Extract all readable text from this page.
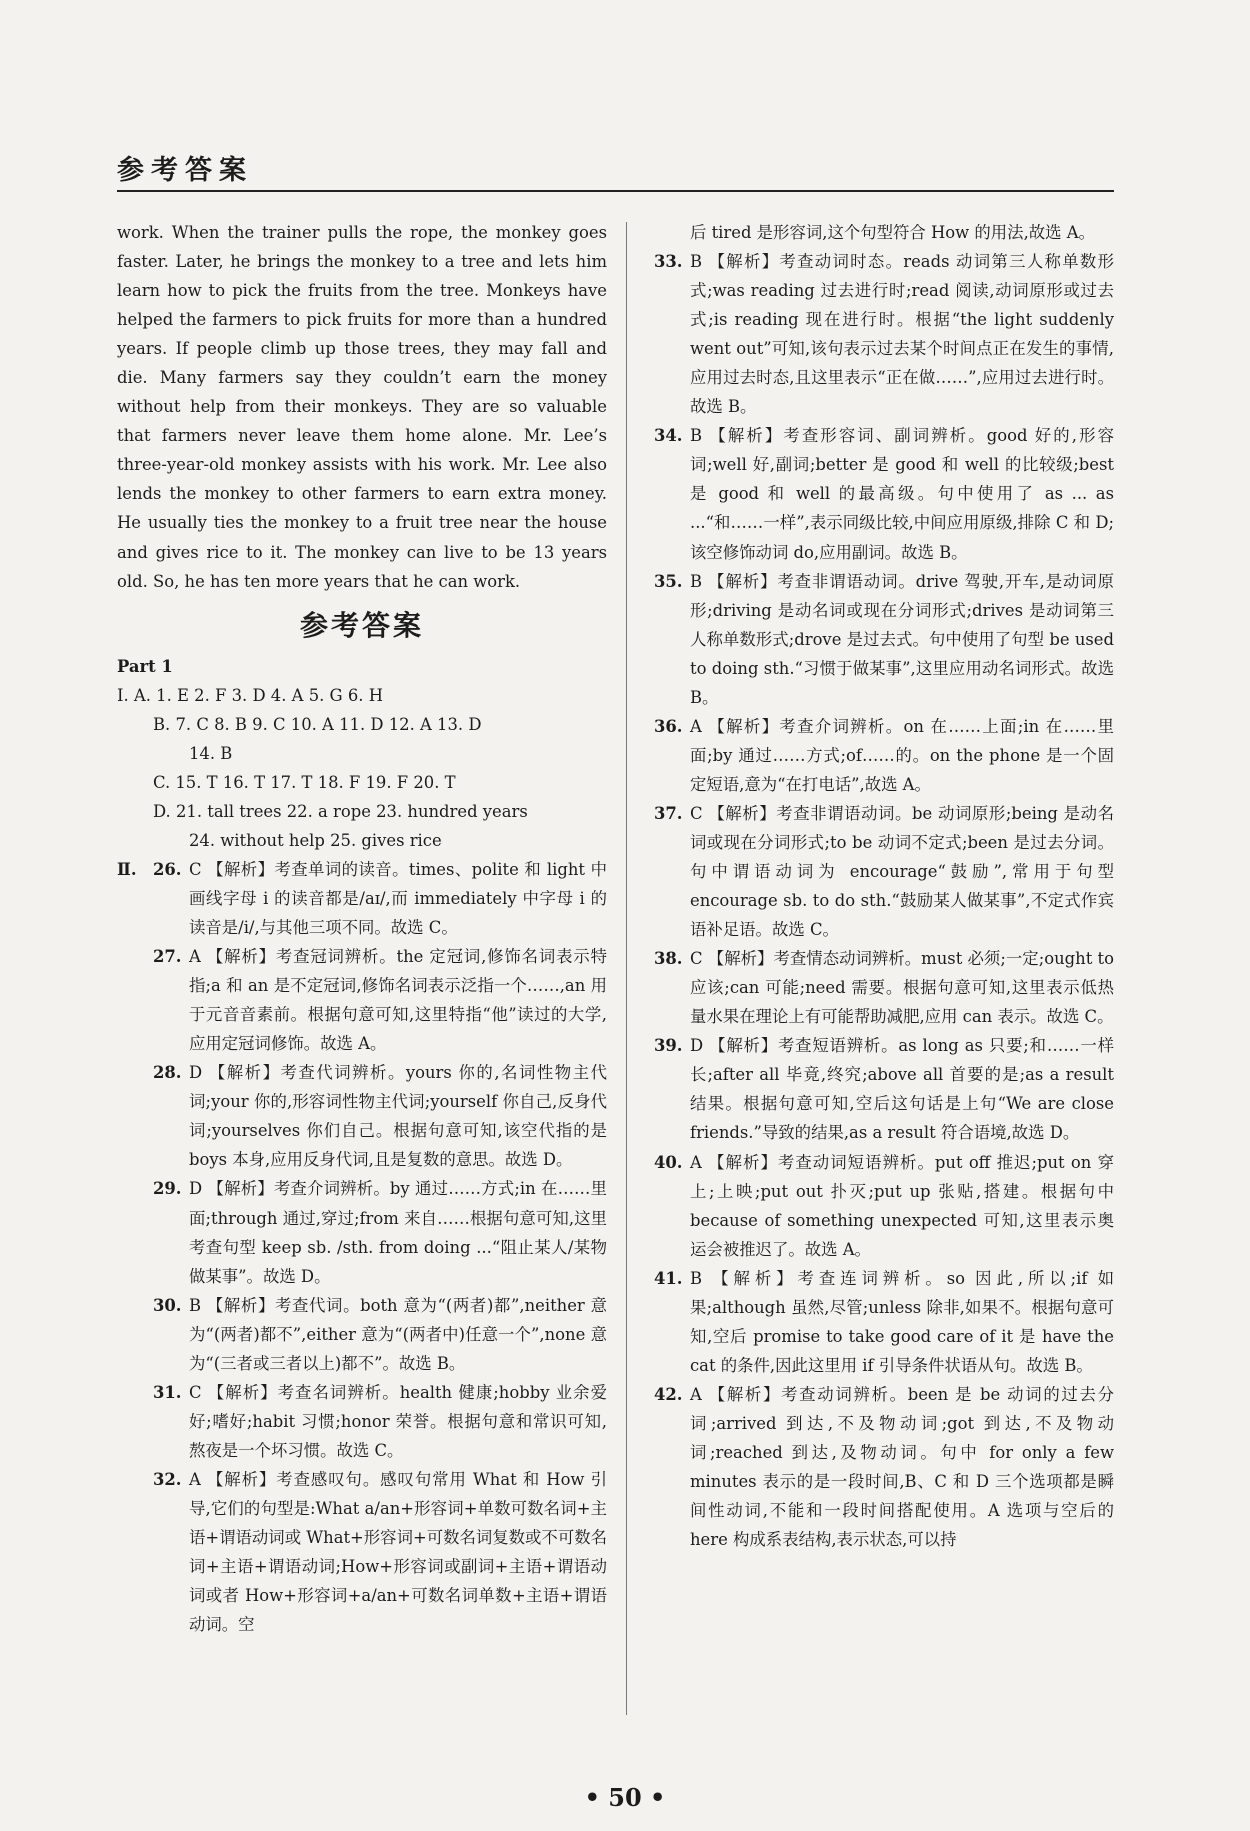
参考答案

work. When the trainer pulls the rope, the monkey goes faster. Later, he brings the monkey to a tree and lets him learn how to pick the fruits from the tree. Monkeys have helped the farmers to pick fruits for more than a hundred years. If people climb up those trees, they may fall and die. Many farmers say they couldn’t earn the money without help from their monkeys. They are so valuable that farmers never leave them home alone. Mr. Lee’s three-year-old monkey assists with his work. Mr. Lee also lends the monkey to other farmers to earn extra money. He usually ties the monkey to a fruit tree near the house and gives rice to it. The monkey can live to be 13 years old. So, he has ten more years that he can work.

参考答案
Part 1
Ⅰ. A. 1. E 2. F 3. D 4. A 5. G 6. H
B. 7. C 8. B 9. C 10. A 11. D 12. A 13. D
14. B
C. 15. T 16. T 17. T 18. F 19. F 20. T
D. 21. tall trees 22. a rope 23. hundred years
24. without help 25. gives rice
Ⅱ. 26. C 【解析】考查单词的读音。times、polite 和 light 中画线字母 i 的读音都是/aɪ/,而 immediately 中字母 i 的读音是/i/,与其他三项不同。故选 C。
27. A 【解析】考查冠词辨析。the 定冠词,修饰名词表示特指;a 和 an 是不定冠词,修饰名词表示泛指一个……,an 用于元音音素前。根据句意可知,这里特指“他”读过的大学,应用定冠词修饰。故选 A。
28. D 【解析】考查代词辨析。yours 你的,名词性物主代词;your 你的,形容词性物主代词;yourself 你自己,反身代词;yourselves 你们自己。根据句意可知,该空代指的是 boys 本身,应用反身代词,且是复数的意思。故选 D。
29. D 【解析】考查介词辨析。by 通过……方式;in 在……里面;through 通过,穿过;from 来自……根据句意可知,这里考查句型 keep sb. /sth. from doing ...“阻止某人/某物做某事”。故选 D。
30. B 【解析】考查代词。both 意为“(两者)都”,neither 意为“(两者)都不”,either 意为“(两者中)任意一个”,none 意为“(三者或三者以上)都不”。故选 B。
31. C 【解析】考查名词辨析。health 健康;hobby 业余爱好;嗜好;habit 习惯;honor 荣誉。根据句意和常识可知,熬夜是一个坏习惯。故选 C。
32. A 【解析】考查感叹句。感叹句常用 What 和 How 引导,它们的句型是:What a/an+形容词+单数可数名词+主语+谓语动词或 What+形容词+可数名词复数或不可数名词+主语+谓语动词;How+形容词或副词+主语+谓语动词或者 How+形容词+a/an+可数名词单数+主语+谓语动词。空
后 tired 是形容词,这个句型符合 How 的用法,故选 A。
33. B 【解析】考查动词时态。reads 动词第三人称单数形式;was reading 过去进行时;read 阅读,动词原形或过去式;is reading 现在进行时。根据“the light suddenly went out”可知,该句表示过去某个时间点正在发生的事情,应用过去时态,且这里表示“正在做……”,应用过去进行时。故选 B。
34. B 【解析】考查形容词、副词辨析。good 好的,形容词;well 好,副词;better 是 good 和 well 的比较级;best 是 good 和 well 的最高级。句中使用了 as ... as ...“和……一样”,表示同级比较,中间应用原级,排除 C 和 D;该空修饰动词 do,应用副词。故选 B。
35. B 【解析】考查非谓语动词。drive 驾驶,开车,是动词原形;driving 是动名词或现在分词形式;drives 是动词第三人称单数形式;drove 是过去式。句中使用了句型 be used to doing sth.“习惯于做某事”,这里应用动名词形式。故选 B。
36. A 【解析】考查介词辨析。on 在……上面;in 在……里面;by 通过……方式;of……的。on the phone 是一个固定短语,意为“在打电话”,故选 A。
37. C 【解析】考查非谓语动词。be 动词原形;being 是动名词或现在分词形式;to be 动词不定式;been 是过去分词。句中谓语动词为 encourage“鼓励”,常用于句型 encourage sb. to do sth.“鼓励某人做某事”,不定式作宾语补足语。故选 C。
38. C 【解析】考查情态动词辨析。must 必须;一定;ought to 应该;can 可能;need 需要。根据句意可知,这里表示低热量水果在理论上有可能帮助减肥,应用 can 表示。故选 C。
39. D 【解析】考查短语辨析。as long as 只要;和……一样长;after all 毕竟,终究;above all 首要的是;as a result 结果。根据句意可知,空后这句话是上句“We are close friends.”导致的结果,as a result 符合语境,故选 D。
40. A 【解析】考查动词短语辨析。put off 推迟;put on 穿上;上映;put out 扑灭;put up 张贴,搭建。根据句中 because of something unexpected 可知,这里表示奥运会被推迟了。故选 A。
41. B 【解析】考查连词辨析。so 因此,所以;if 如果;although 虽然,尽管;unless 除非,如果不。根据句意可知,空后 promise to take good care of it 是 have the cat 的条件,因此这里用 if 引导条件状语从句。故选 B。
42. A 【解析】考查动词辨析。been 是 be 动词的过去分词;arrived 到达,不及物动词;got 到达,不及物动词;reached 到达,及物动词。句中 for only a few minutes 表示的是一段时间,B、C 和 D 三个选项都是瞬间性动词,不能和一段时间搭配使用。A 选项与空后的 here 构成系表结构,表示状态,可以持
• 50 •
